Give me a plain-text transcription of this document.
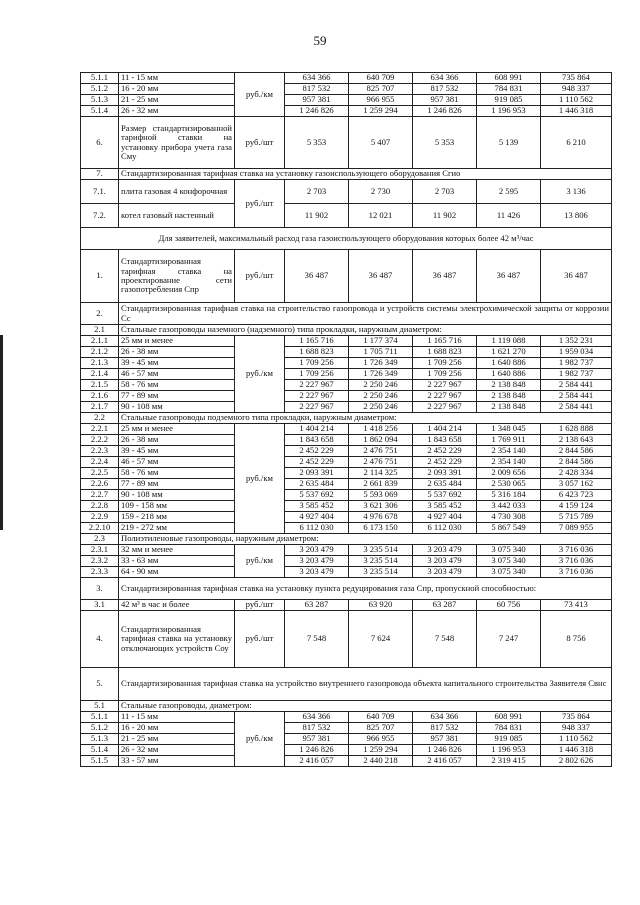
59
5.1.1	11 - 15 мм	руб./км	634 366	640 709	634 366	608 991	735 864
5.1.2	16 - 20 мм		817 532	825 707	817 532	784 831	948 337
5.1.3	21 - 25 мм		957 381	966 955	957 381	919 085	1 110 562
5.1.4	26 - 32 мм		1 246 826	1 259 294	1 246 826	1 196 953	1 446 318
6.	Размер стандартизированной тарифной ставки на установку прибора учета газа Cму	руб./шт	5 353	5 407	5 353	5 139	6 210
7.	Стандартизированная тарифная ставка на установку газоиспользующего оборудования Cгио						
7.1.	плита газовая 4 конфорочная	руб./шт	2 703	2 730	2 703	2 595	3 136
7.2.	котел газовый настенный		11 902	12 021	11 902	11 426	13 806
Для заявителей, максимальный расход газа газоиспользующего оборудования которых более 42 м³/час							
1.	Стандартизированная тарифная ставка на проектирование сети газопотребления Cпр	руб./шт	36 487	36 487	36 487	36 487	36 487
2.	Стандартизированная тарифная ставка на строительство газопровода и устройств системы электрохимической защиты от коррозии Cс						
2.1	Стальные газопроводы наземного (надземного) типа прокладки, наружным диаметром:						
2.1.1	25 мм и менее	руб./км	1 165 716	1 177 374	1 165 716	1 119 088	1 352 231
2.1.2	26 - 38 мм		1 688 823	1 705 711	1 688 823	1 621 270	1 959 034
2.1.3	39 - 45 мм		1 709 256	1 726 349	1 709 256	1 640 886	1 982 737
2.1.4	46 - 57 мм		1 709 256	1 726 349	1 709 256	1 640 886	1 982 737
2.1.5	58 - 76 мм		2 227 967	2 250 246	2 227 967	2 138 848	2 584 441
2.1.6	77 - 89 мм		2 227 967	2 250 246	2 227 967	2 138 848	2 584 441
2.1.7	90 - 108 мм		2 227 967	2 250 246	2 227 967	2 138 848	2 584 441
2.2	Стальные газопроводы подземного типа прокладки, наружным диаметром:						
2.2.1	25 мм и менее	руб./км	1 404 214	1 418 256	1 404 214	1 348 045	1 628 888
2.2.2	26 - 38 мм		1 843 658	1 862 094	1 843 658	1 769 911	2 138 643
2.2.3	39 - 45 мм		2 452 229	2 476 751	2 452 229	2 354 140	2 844 586
2.2.4	46 - 57 мм		2 452 229	2 476 751	2 452 229	2 354 140	2 844 586
2.2.5	58 - 76 мм		2 093 391	2 114 325	2 093 391	2 009 656	2 428 334
2.2.6	77 - 89 мм		2 635 484	2 661 839	2 635 484	2 530 065	3 057 162
2.2.7	90 - 108 мм		5 537 692	5 593 069	5 537 692	5 316 184	6 423 723
2.2.8	109 - 158 мм		3 585 452	3 621 306	3 585 452	3 442 033	4 159 124
2.2.9	159 - 218 мм		4 927 404	4 976 678	4 927 404	4 730 308	5 715 789
2.2.10	219 - 272 мм		6 112 030	6 173 150	6 112 030	5 867 549	7 089 955
2.3	Полиэтиленовые газопроводы, наружным диаметром:						
2.3.1	32 мм и менее	руб./км	3 203 479	3 235 514	3 203 479	3 075 340	3 716 036
2.3.2	33 - 63 мм		3 203 479	3 235 514	3 203 479	3 075 340	3 716 036
2.3.3	64 - 90 мм		3 203 479	3 235 514	3 203 479	3 075 340	3 716 036
3.	Стандартизированная тарифная ставка на установку пункта редуцирования газа Cпр, пропускной способностью:						
3.1	42 м³ в час и более	руб./шт	63 287	63 920	63 287	60 756	73 413
4.	Стандартизированная тарифная ставка на установку отключающих устройств Cоу	руб./шт	7 548	7 624	7 548	7 247	8 756
5.	Стандартизированная тарифная ставка на устройство внутреннего газопровода объекта капитального строительства Заявителя Cвнс						
5.1	Стальные газопроводы, диаметром:						
5.1.1	11 - 15 мм	руб./км	634 366	640 709	634 366	608 991	735 864
5.1.2	16 - 20 мм		817 532	825 707	817 532	784 831	948 337
5.1.3	21 - 25 мм		957 381	966 955	957 381	919 085	1 110 562
5.1.4	26 - 32 мм		1 246 826	1 259 294	1 246 826	1 196 953	1 446 318
5.1.5	33 - 57 мм		2 416 057	2 440 218	2 416 057	2 319 415	2 802 626
